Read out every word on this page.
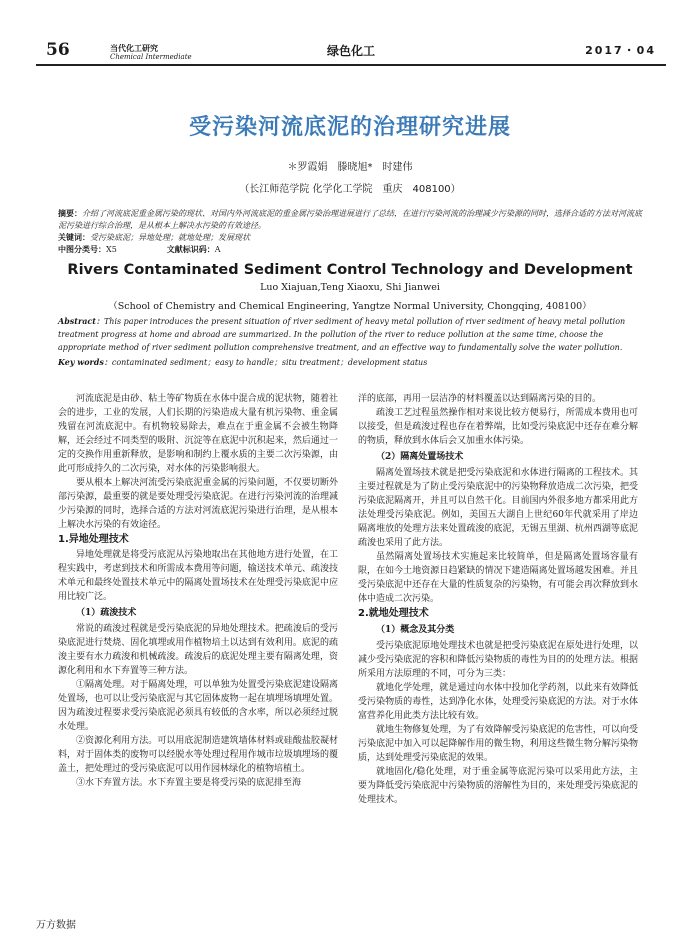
56	当代化工研究
Chemical Intermediate	绿色化工	2017・04
受污染河流底泥的治理研究进展
＊罗霞娟　滕晓旭*　时建伟
（长江师范学院 化学化工学院　重庆　408100）
摘要：介绍了河流底泥重金属污染的现状、对国内外河流底泥的重金属污染治理进展进行了总结，在进行污染河流的治理减少污染源的同时，选择合适的方法对河流底泥污染进行综合治理，是从根本上解决水污染的有效途径。
关键词：受污染底泥；异地处理；就地处理；发展现状
中图分类号：X5	文献标识码：A
Rivers Contaminated Sediment Control Technology and Development
Luo Xiajuan,Teng Xiaoxu, Shi Jianwei
（School of Chemistry and Chemical Engineering, Yangtze Normal University, Chongqing, 408100）
Abstract：This paper introduces the present situation of river sediment of heavy metal pollution of river sediment of heavy metal pollution treatment progress at home and abroad are summarized. In the pollution of the river to reduce pollution at the same time, choose the appropriate method of river sediment pollution comprehensive treatment, and an effective way to fundamentally solve the water pollution.
Key words：contaminated sediment；easy to handle；situ treatment；development status

河流底泥是由砂、粘土等矿物质在水体中混合成的泥状物，随着社会的进步，工业的发展，人们长期的污染造成大量有机污染物、重金属残留在河流底泥中。有机物较易除去，难点在于重金属不会被生物降解，还会经过不同类型的吸附、沉淀等在底泥中沉积起来，然后通过一定的交换作用重新释放，是影响和制约上覆水质的主要二次污染源，由此可形成持久的二次污染，对水体的污染影响很大。

要从根本上解决河流受污染底泥重金属的污染问题，不仅要切断外部污染源，最重要的就是要处理受污染底泥。在进行污染河流的治理减少污染源的同时，选择合适的方法对河流底泥污染进行治理，是从根本上解决水污染的有效途径。

1.异地处理技术

异地处理就是将受污底泥从污染地取出在其他地方进行处置，在工程实践中，考虑到技术和所需成本费用等问题，输送技术单元、疏浚技术单元和最终处置技术单元中的隔离处置场技术在处理受污染底泥中应用比较广泛。

（1）疏浚技术

常说的疏浚过程就是受污染底泥的异地处理技术。把疏浚后的受污染底泥进行焚烧、固化填埋或用作植物培土以达到有效利用。底泥的疏浚主要有水力疏浚和机械疏浚。疏浚后的底泥处理主要有隔离处理，资源化利用和水下弃置等三种方法。

①隔离处理。对于隔离处理，可以单独为处置受污染底泥建设隔离处置场，也可以让受污染底泥与其它固体废物一起在填埋场填埋处置。因为疏浚过程要求受污染底泥必须具有较低的含水率，所以必须经过脱水处理。

②资源化利用方法。可以用底泥制造建筑墙体材料或硅酸盐胶凝材料，对于固体类的废物可以经脱水等处理过程用作城市垃圾填埋场的覆盖土，把处理过的受污染底泥可以用作园林绿化的植物培植土。

③水下弃置方法。水下弃置主要是将受污染的底泥排至海

洋的底部，再用一层洁净的材料覆盖以达到隔离污染的目的。

疏浚工艺过程虽然操作相对来说比较方便易行，所需成本费用也可以接受，但是疏浚过程也存在着弊端，比如受污染底泥中还存在难分解的物质，释放到水体后会又加重水体污染。

（2）隔离处置场技术

隔离处置场技术就是把受污染底泥和水体进行隔离的工程技术。其主要过程就是为了防止受污染底泥中的污染物释放造成二次污染，把受污染底泥隔离开，并且可以自然干化。目前国内外很多地方都采用此方法处理受污染底泥。例如，美国五大湖自上世纪60年代就采用了岸边隔离堆放的处理方法来处置疏浚的底泥，无锡五里湖、杭州西湖等底泥疏浚也采用了此方法。

虽然隔离处置场技术实施起来比较简单，但是隔离处置场容量有限，在如今土地资源日趋紧缺的情况下建造隔离处置场越发困难。并且受污染底泥中还存在大量的性质复杂的污染物，有可能会再次释放到水体中造成二次污染。

2.就地处理技术
（1）概念及其分类

受污染底泥原地处理技术也就是把受污染底泥在原处进行处理，以减少受污染底泥的容积和降低污染物质的毒性为目的的处理方法。根据所采用方法原理的不同，可分为三类：

就地化学处理，就是通过向水体中投加化学药剂，以此来有效降低受污染物质的毒性，达到净化水体，处理受污染底泥的方法。对于水体富营养化用此类方法比较有效。

就地生物修复处理，为了有效降解受污染底泥的危害性，可以向受污染底泥中加入可以起降解作用的微生物，利用这些微生物分解污染物质，达到处理受污染底泥的效果。

就地固化/稳化处理，对于重金属等底泥污染可以采用此方法，主要为降低受污染底泥中污染物质的溶解性为目的，来处理受污染底泥的处理技术。

万方数据
